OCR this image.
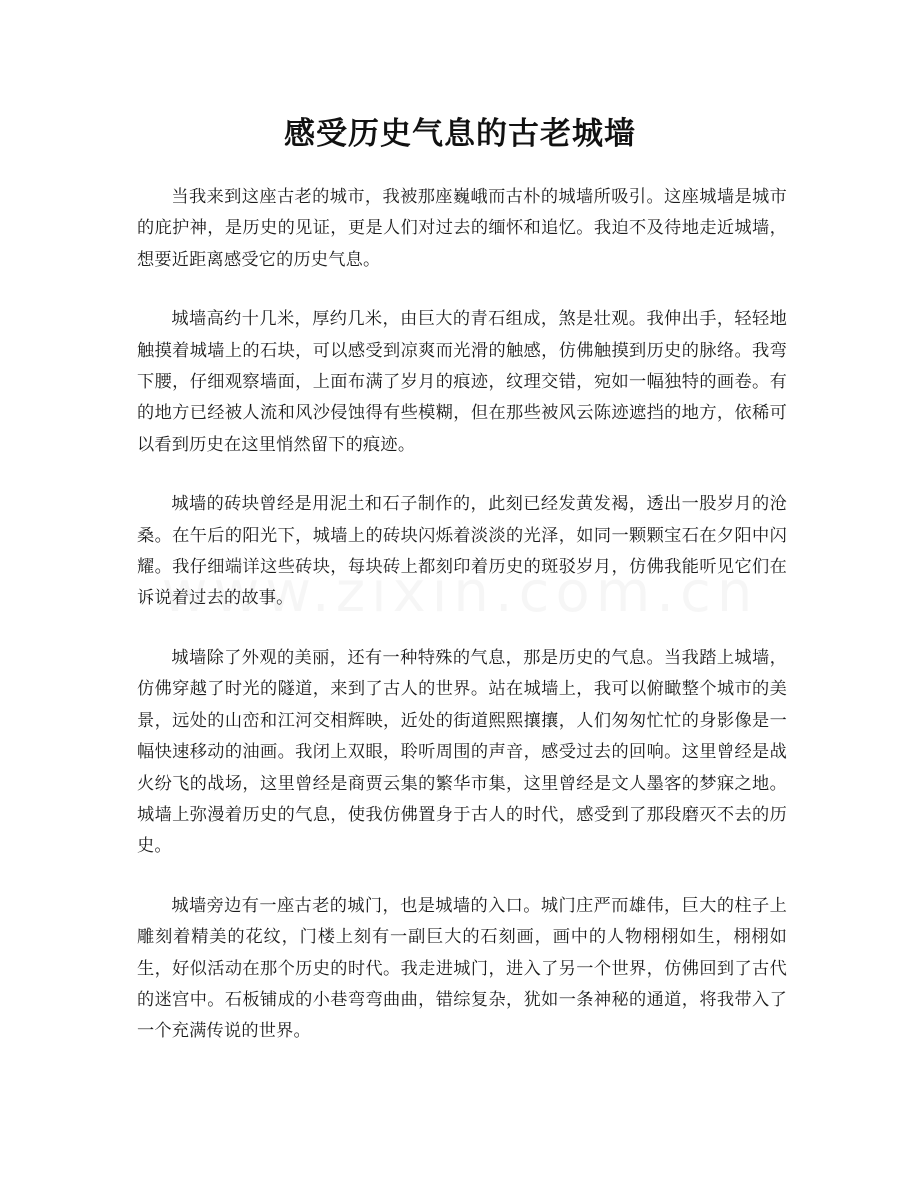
感受历史气息的古老城墙

当我来到这座古老的城市，我被那座巍峨而古朴的城墙所吸引。这座城墙是城市的庇护神，是历史的见证，更是人们对过去的缅怀和追忆。我迫不及待地走近城墙，想要近距离感受它的历史气息。

城墙高约十几米，厚约几米，由巨大的青石组成，煞是壮观。我伸出手，轻轻地触摸着城墙上的石块，可以感受到凉爽而光滑的触感，仿佛触摸到历史的脉络。我弯下腰，仔细观察墙面，上面布满了岁月的痕迹，纹理交错，宛如一幅独特的画卷。有的地方已经被人流和风沙侵蚀得有些模糊，但在那些被风云陈迹遮挡的地方，依稀可以看到历史在这里悄然留下的痕迹。

城墙的砖块曾经是用泥土和石子制作的，此刻已经发黄发褐，透出一股岁月的沧桑。在午后的阳光下，城墙上的砖块闪烁着淡淡的光泽，如同一颗颗宝石在夕阳中闪耀。我仔细端详这些砖块，每块砖上都刻印着历史的斑驳岁月，仿佛我能听见它们在诉说着过去的故事。

城墙除了外观的美丽，还有一种特殊的气息，那是历史的气息。当我踏上城墙，仿佛穿越了时光的隧道，来到了古人的世界。站在城墙上，我可以俯瞰整个城市的美景，远处的山峦和江河交相辉映，近处的街道熙熙攘攘，人们匆匆忙忙的身影像是一幅快速移动的油画。我闭上双眼，聆听周围的声音，感受过去的回响。这里曾经是战火纷飞的战场，这里曾经是商贾云集的繁华市集，这里曾经是文人墨客的梦寐之地。城墙上弥漫着历史的气息，使我仿佛置身于古人的时代，感受到了那段磨灭不去的历史。

城墙旁边有一座古老的城门，也是城墙的入口。城门庄严而雄伟，巨大的柱子上雕刻着精美的花纹，门楼上刻有一副巨大的石刻画，画中的人物栩栩如生，栩栩如生，好似活动在那个历史的时代。我走进城门，进入了另一个世界，仿佛回到了古代的迷宫中。石板铺成的小巷弯弯曲曲，错综复杂，犹如一条神秘的通道，将我带入了一个充满传说的世界。
